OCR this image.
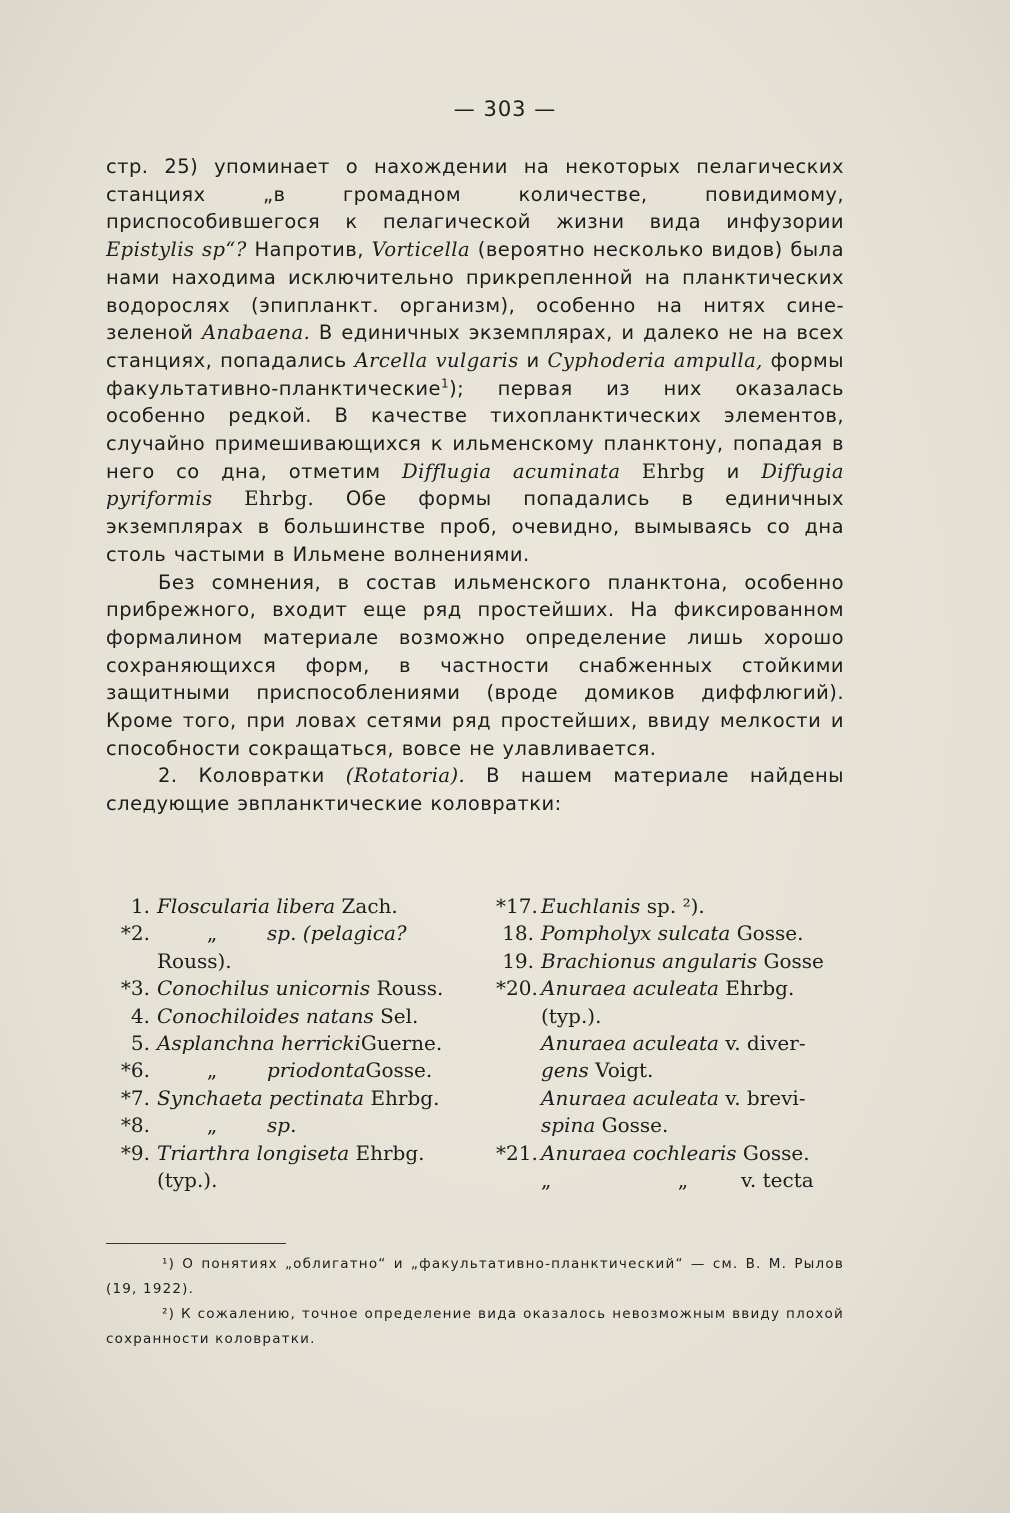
— 303 —

стр. 25) упоминает о нахождении на некоторых пелагических станциях „в громадном количестве, повидимому, приспособившегося к пелагической жизни вида инфузории Epistylis sp“? Напротив, Vorticella (вероятно несколько видов) была нами находима исключительно прикрепленной на планктических водорослях (эпипланкт. организм), особенно на нитях сине-зеленой Anabaena. В единичных экземплярах, и далеко не на всех станциях, попадались Arcella vulgaris и Cyphoderia ampulla, формы факультативно-планктические$^1$); первая из них оказалась особенно редкой. В качестве тихопланктических элементов, случайно примешивающихся к ильменскому планктону, попадая в него со дна, отметим Difflugia acuminata Ehrbg и Diffugia pyriformis Ehrbg. Обе формы попадались в единичных экземплярах в большинстве проб, очевидно, вымываясь со дна столь частыми в Ильмене волнениями.

Без сомнения, в состав ильменского планктона, особенно прибрежного, входит еще ряд простейших. На фиксированном формалином материале возможно определение лишь хорошо сохраняющихся форм, в частности снабженных стойкими защитными приспособлениями (вроде домиков диффлюгий). Кроме того, при ловах сетями ряд простейших, ввиду мелкости и способности сокращаться, вовсе не улавливается.

2. Коловратки (Rotatoria). В нашем материале найдены следующие эвпланктические коловратки:

1. Floscularia libera Zach.
*2.	„ sp. (pelagica?
Rouss).
*3. Conochilus unicornis Rouss.
4. Conochiloides natans Sel.
5. Asplanchna herrickiGuerne.
*6.	„ priodontaGosse.
*7. Synchaeta pectinata Ehrbg.
*8.	„ sp.
*9. Triarthra longiseta Ehrbg.
(typ.).
*17. Euchlanis sp. ²).
18. Pompholyx sulcata Gosse.
19. Brachionus angularis Gosse
*20. Anuraea aculeata Ehrbg.
(typ.).
Anuraea aculeata v. diver-
gens Voigt.
Anuraea aculeata v. brevi-
spina Gosse.
*21. Anuraea cochlearis Gosse.
„ „v. tecta

¹) О понятиях „облигатно“ и „факультативно-планктический“ — см. В. М. Рылов (19, 1922).

²) К сожалению, точное определение вида оказалось невозможным ввиду плохой сохранности коловратки.
